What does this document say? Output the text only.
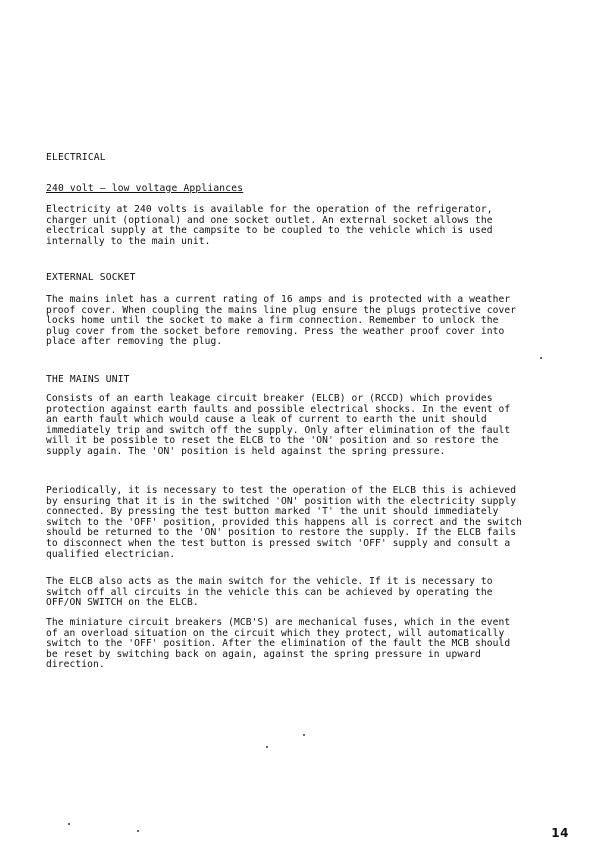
ELECTRICAL

240 volt – low voltage Appliances

Electricity at 240 volts is available for the operation of the refrigerator, charger unit (optional) and one socket outlet. An external socket allows the electrical supply at the campsite to be coupled to the vehicle which is used internally to the main unit.

EXTERNAL SOCKET

The mains inlet has a current rating of 16 amps and is protected with a weather proof cover. When coupling the mains line plug ensure the plugs protective cover locks home until the socket to make a firm connection. Remember to unlock the plug cover from the socket before removing. Press the weather proof cover into place after removing the plug.

THE MAINS UNIT

Consists of an earth leakage circuit breaker (ELCB) or (RCCD) which provides protection against earth faults and possible electrical shocks. In the event of an earth fault which would cause a leak of current to earth the unit should immediately trip and switch off the supply. Only after elimination of the fault will it be possible to reset the ELCB to the 'ON' position and so restore the supply again. The 'ON' position is held against the spring pressure.

Periodically, it is necessary to test the operation of the ELCB this is achieved by ensuring that it is in the switched 'ON' position with the electricity supply connected. By pressing the test button marked 'T' the unit should immediately switch to the 'OFF' position, provided this happens all is correct and the switch should be returned to the 'ON' position to restore the supply. If the ELCB fails to disconnect when the test button is pressed switch 'OFF' supply and consult a qualified electrician.

The ELCB also acts as the main switch for the vehicle. If it is necessary to switch off all circuits in the vehicle this can be achieved by operating the OFF/ON SWITCH on the ELCB.

The miniature circuit breakers (MCB'S) are mechanical fuses, which in the event of an overload situation on the circuit which they protect, will automatically switch to the 'OFF' position. After the elimination of the fault the MCB should be reset by switching back on again, against the spring pressure in upward direction.

14
